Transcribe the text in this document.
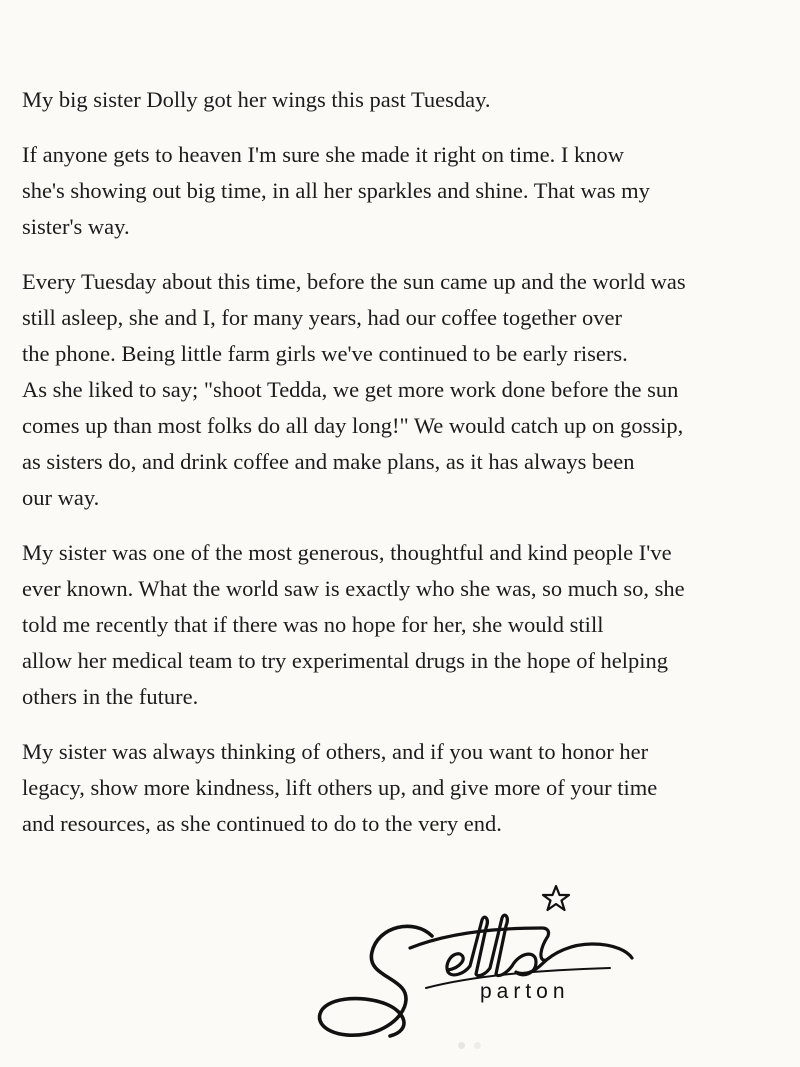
My big sister Dolly got her wings this past Tuesday.

If anyone gets to heaven I'm sure she made it right on time. I know
she's showing out big time, in all her sparkles and shine. That was my
sister's way.

Every Tuesday about this time, before the sun came up and the world was
still asleep, she and I, for many years, had our coffee together over
the phone. Being little farm girls we've continued to be early risers.
As she liked to say; "shoot Tedda, we get more work done before the sun
comes up than most folks do all day long!" We would catch up on gossip,
as sisters do, and drink coffee and make plans, as it has always been
our way.

My sister was one of the most generous, thoughtful and kind people I've
ever known. What the world saw is exactly who she was, so much so, she
told me recently that if there was no hope for her, she would still
allow her medical team to try experimental drugs in the hope of helping
others in the future.

My sister was always thinking of others, and if you want to honor her
legacy, show more kindness, lift others up, and give more of your time
and resources, as she continued to do to the very end.

parton
